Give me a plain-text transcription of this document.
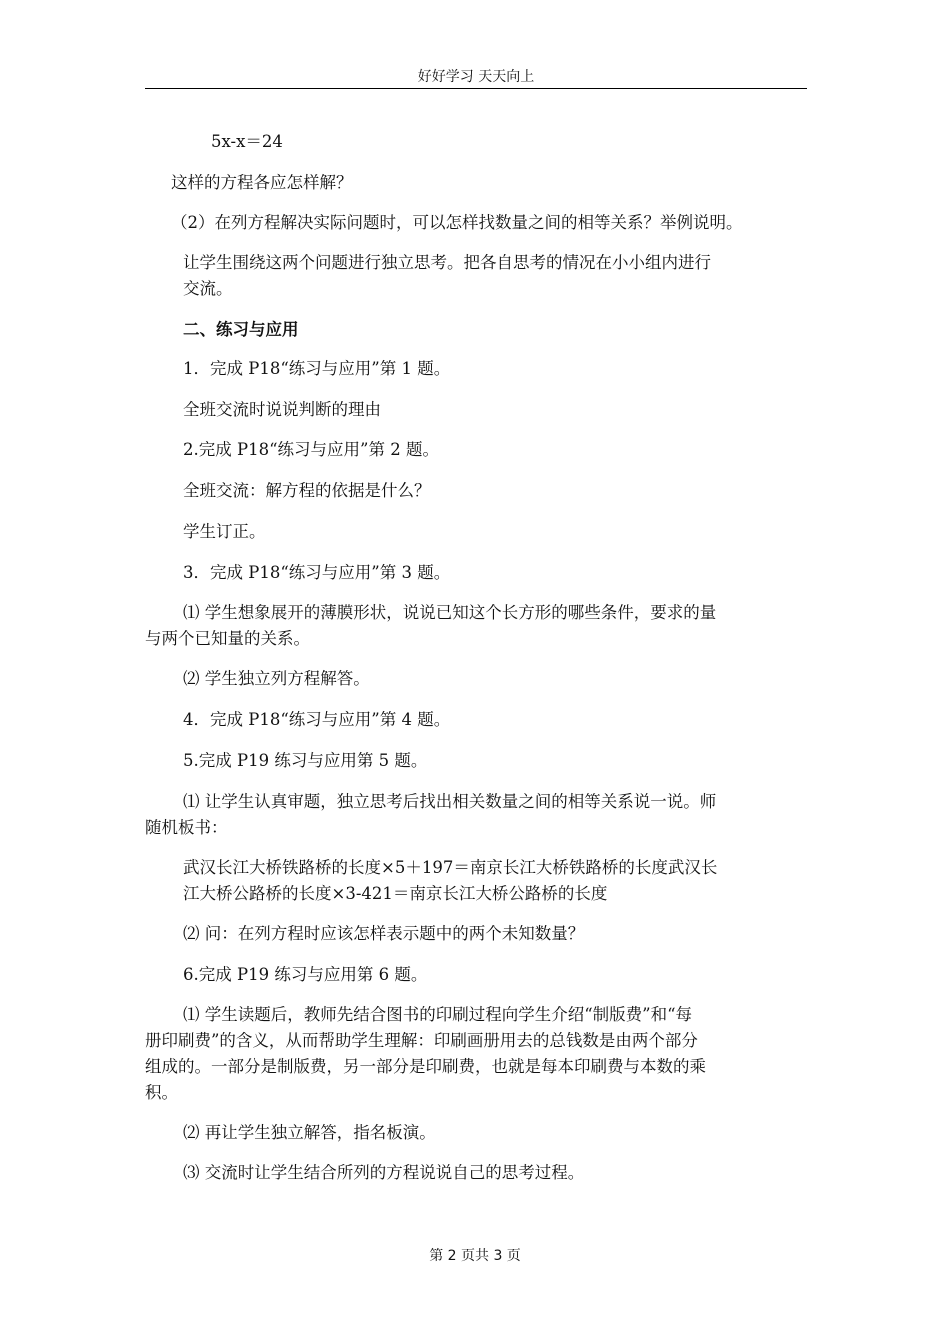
好好学习 天天向上
5x-x＝24
这样的方程各应怎样解？
（2）在列方程解决实际问题时，可以怎样找数量之间的相等关系？举例说明。
让学生围绕这两个问题进行独立思考。把各自思考的情况在小小组内进行
交流。
二、练习与应用
1．完成 P18“练习与应用”第 1 题。
全班交流时说说判断的理由
2.完成 P18“练习与应用”第 2 题。
全班交流：解方程的依据是什么？
学生订正。
3．完成 P18“练习与应用”第 3 题。
⑴ 学生想象展开的薄膜形状，说说已知这个长方形的哪些条件，要求的量
与两个已知量的关系。
⑵ 学生独立列方程解答。
4．完成 P18“练习与应用”第 4 题。
5.完成 P19 练习与应用第 5 题。
⑴ 让学生认真审题，独立思考后找出相关数量之间的相等关系说一说。师
随机板书：
武汉长江大桥铁路桥的长度×5＋197＝南京长江大桥铁路桥的长度武汉长
江大桥公路桥的长度×3-421＝南京长江大桥公路桥的长度
⑵ 问：在列方程时应该怎样表示题中的两个未知数量？
6.完成 P19 练习与应用第 6 题。
⑴ 学生读题后，教师先结合图书的印刷过程向学生介绍“制版费”和“每
册印刷费”的含义，从而帮助学生理解：印刷画册用去的总钱数是由两个部分
组成的。一部分是制版费，另一部分是印刷费，也就是每本印刷费与本数的乘
积。
⑵ 再让学生独立解答，指名板演。
⑶ 交流时让学生结合所列的方程说说自己的思考过程。
第 2 页共 3 页
